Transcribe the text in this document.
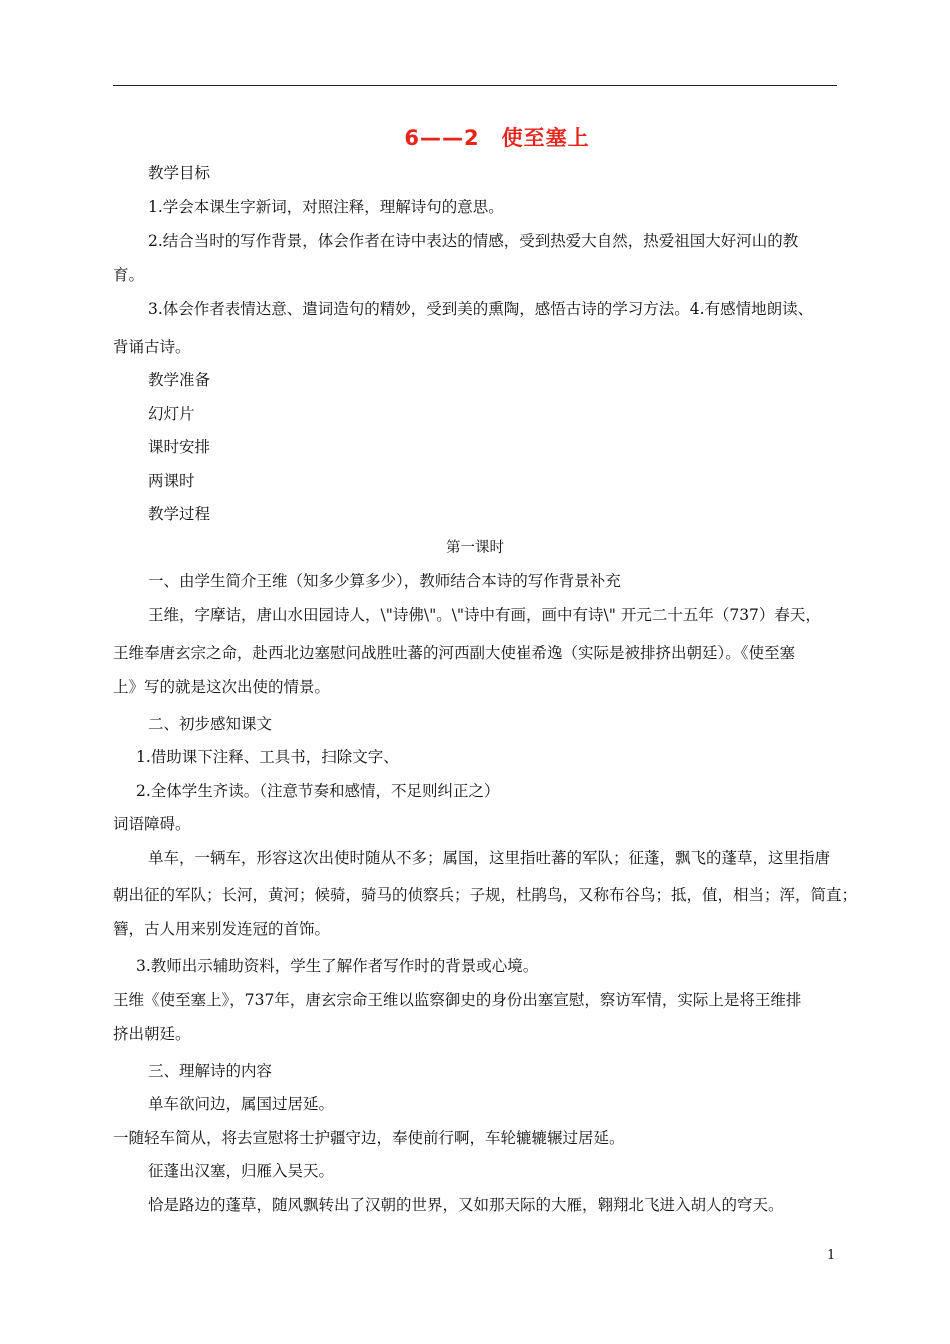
6——2　使至塞上
教学目标
1.学会本课生字新词，对照注释，理解诗句的意思。
2.结合当时的写作背景，体会作者在诗中表达的情感，受到热爱大自然，热爱祖国大好河山的教
育。
3.体会作者表情达意、遣词造句的精妙，受到美的熏陶，感悟古诗的学习方法。4.有感情地朗读、
背诵古诗。
教学准备
幻灯片
课时安排
两课时
教学过程
第一课时
一、由学生简介王维（知多少算多少），教师结合本诗的写作背景补充
王维，字摩诘，唐山水田园诗人，\"诗佛\"。\"诗中有画，画中有诗\" 开元二十五年（737）春天，
王维奉唐玄宗之命，赴西北边塞慰问战胜吐蕃的河西副大使崔希逸（实际是被排挤出朝廷）。《使至塞
上》写的就是这次出使的情景。
二、初步感知课文
1.借助课下注释、工具书，扫除文字、
2.全体学生齐读。（注意节奏和感情，不足则纠正之）
词语障碍。
单车，一辆车，形容这次出使时随从不多；属国，这里指吐蕃的军队；征蓬，飘飞的蓬草，这里指唐
朝出征的军队；长河，黄河；候骑，骑马的侦察兵；子规，杜鹃鸟，又称布谷鸟；抵，值，相当；浑，简直；
簪，古人用来别发连冠的首饰。
3.教师出示辅助资料，学生了解作者写作时的背景或心境。
王维《使至塞上》，737年，唐玄宗命王维以监察御史的身份出塞宣慰，察访军情，实际上是将王维排
挤出朝廷。
三、理解诗的内容
单车欲问边，属国过居延。
一随轻车简从，将去宣慰将士护疆守边，奉使前行啊，车轮辘辘辗过居延。
征蓬出汉塞，归雁入吴天。
恰是路边的蓬草，随风飘转出了汉朝的世界，又如那天际的大雁，翱翔北飞进入胡人的穹天。
1
